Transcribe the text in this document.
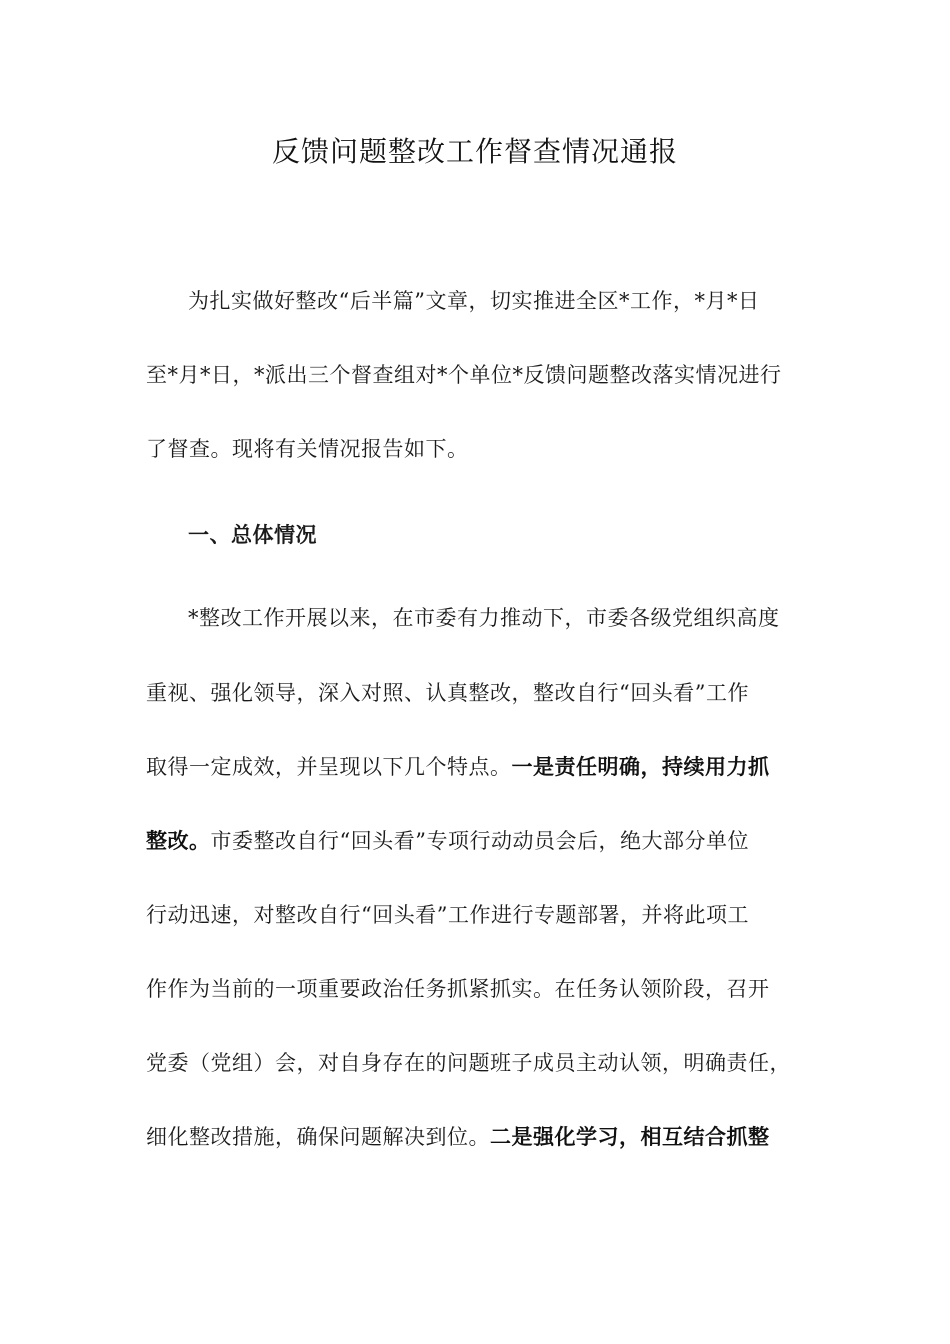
反馈问题整改工作督查情况通报
为扎实做好整改“后半篇”文章，切实推进全区*工作，*月*日
至*月*日，*派出三个督查组对*个单位*反馈问题整改落实情况进行
了督查。现将有关情况报告如下。
一、总体情况
*整改工作开展以来，在市委有力推动下，市委各级党组织高度
重视、强化领导，深入对照、认真整改，整改自行“回头看”工作
取得一定成效，并呈现以下几个特点。一是责任明确，持续用力抓
整改。市委整改自行“回头看”专项行动动员会后，绝大部分单位
行动迅速，对整改自行“回头看”工作进行专题部署，并将此项工
作作为当前的一项重要政治任务抓紧抓实。在任务认领阶段，召开
党委（党组）会，对自身存在的问题班子成员主动认领，明确责任，
细化整改措施，确保问题解决到位。二是强化学习，相互结合抓整
